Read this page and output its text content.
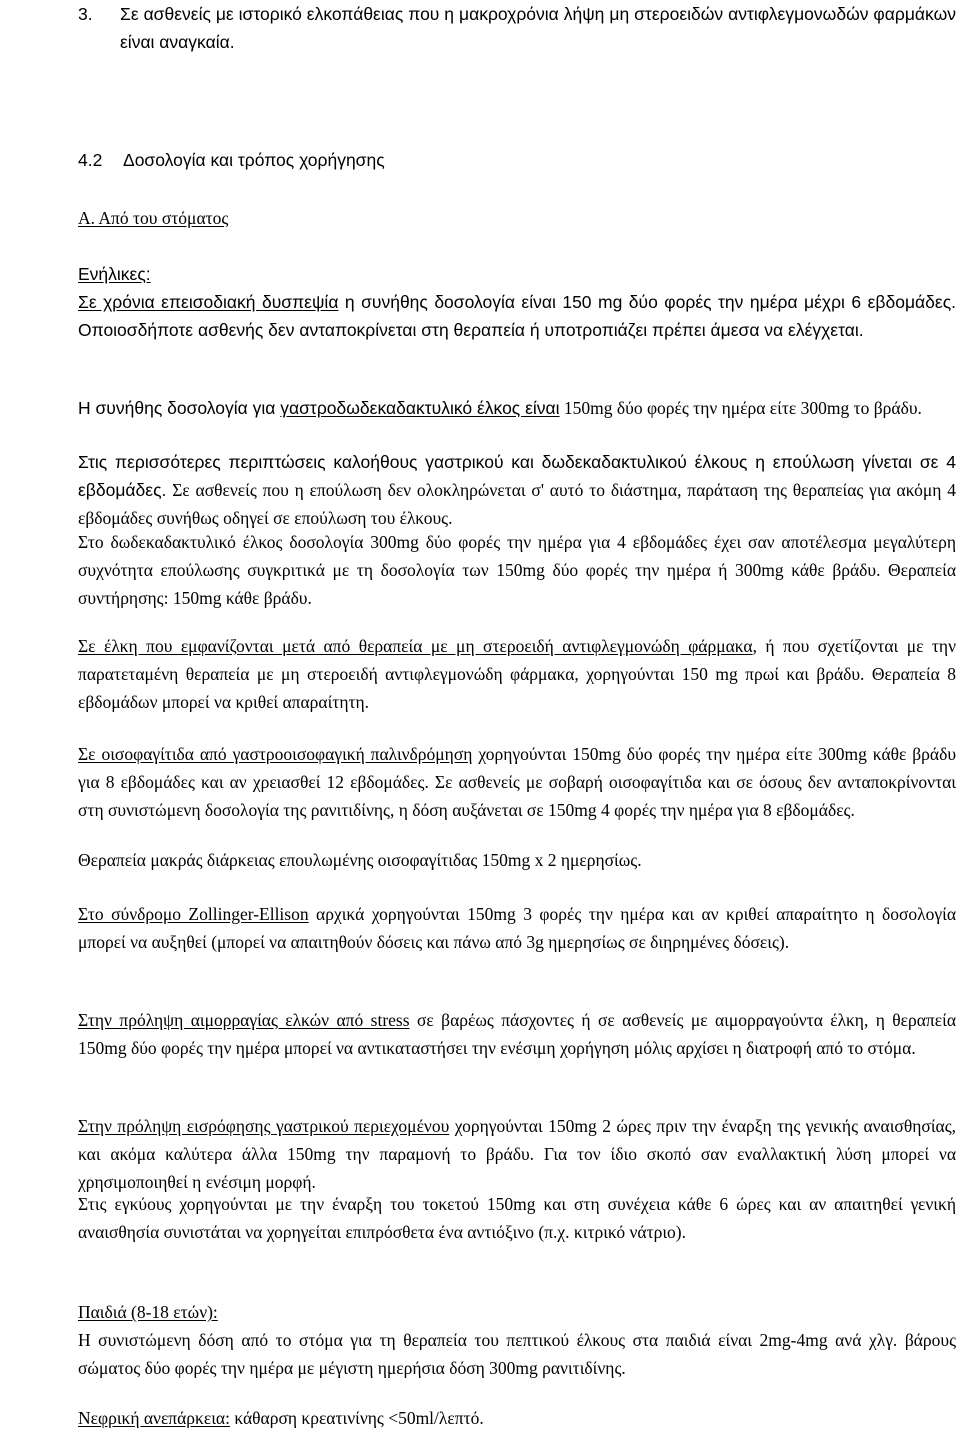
3. Σε ασθενείς με ιστορικό ελκοπάθειας που η μακροχρόνια λήψη μη στεροειδών αντιφλεγμονωδών φαρμάκων είναι αναγκαία.

4.2 Δοσολογία και τρόπος χορήγησης

Α. Από του στόματος

Ενήλικες:

Σε χρόνια επεισοδιακή δυσπεψία η συνήθης δοσολογία είναι 150 mg δύο φορές την ημέρα μέχρι 6 εβδομάδες. Οποιοσδήποτε ασθενής δεν ανταποκρίνεται στη θεραπεία ή υποτροπιάζει πρέπει άμεσα να ελέγχεται.

Η συνήθης δοσολογία για γαστροδωδεκαδακτυλικό έλκος είναι 150mg δύο φορές την ημέρα είτε 300mg το βράδυ.

Στις περισσότερες περιπτώσεις καλοήθους γαστρικού και δωδεκαδακτυλικού έλκους η επούλωση γίνεται σε 4 εβδομάδες. Σε ασθενείς που η επούλωση δεν ολοκληρώνεται σ' αυτό το διάστημα, παράταση της θεραπείας για ακόμη 4 εβδομάδες συνήθως οδηγεί σε επούλωση του έλκους.

Στο δωδεκαδακτυλικό έλκος δοσολογία 300mg δύο φορές την ημέρα για 4 εβδομάδες έχει σαν αποτέλεσμα μεγαλύτερη συχνότητα επούλωσης συγκριτικά με τη δοσολογία των 150mg δύο φορές την ημέρα ή 300mg κάθε βράδυ. Θεραπεία συντήρησης: 150mg κάθε βράδυ.

Σε έλκη που εμφανίζονται μετά από θεραπεία με μη στεροειδή αντιφλεγμονώδη φάρμακα, ή που σχετίζονται με την παρατεταμένη θεραπεία με μη στεροειδή αντιφλεγμονώδη φάρμακα, χορηγούνται 150 mg πρωί και βράδυ. Θεραπεία 8 εβδομάδων μπορεί να κριθεί απαραίτητη.

Σε οισοφαγίτιδα από γαστροοισοφαγική παλινδρόμηση χορηγούνται 150mg δύο φορές την ημέρα είτε 300mg κάθε βράδυ για 8 εβδομάδες και αν χρειασθεί 12 εβδομάδες. Σε ασθενείς με σοβαρή οισοφαγίτιδα και σε όσους δεν ανταποκρίνονται στη συνιστώμενη δοσολογία της ρανιτιδίνης, η δόση αυξάνεται σε 150mg 4 φορές την ημέρα για 8 εβδομάδες.

Θεραπεία μακράς διάρκειας επουλωμένης οισοφαγίτιδας 150mg x 2 ημερησίως.

Στο σύνδρομο Zollinger-Ellison αρχικά χορηγούνται 150mg 3 φορές την ημέρα και αν κριθεί απαραίτητο η δοσολογία μπορεί να αυξηθεί (μπορεί να απαιτηθούν δόσεις και πάνω από 3g ημερησίως σε διηρημένες δόσεις).

Στην πρόληψη αιμορραγίας ελκών από stress σε βαρέως πάσχοντες ή σε ασθενείς με αιμορραγούντα έλκη, η θεραπεία 150mg δύο φορές την ημέρα μπορεί να αντικαταστήσει την ενέσιμη χορήγηση μόλις αρχίσει η διατροφή από το στόμα.

Στην πρόληψη εισρόφησης γαστρικού περιεχομένου χορηγούνται 150mg 2 ώρες πριν την έναρξη της γενικής αναισθησίας, και ακόμα καλύτερα άλλα 150mg την παραμονή το βράδυ. Για τον ίδιο σκοπό σαν εναλλακτική λύση μπορεί να χρησιμοποιηθεί η ενέσιμη μορφή.

Στις εγκύους χορηγούνται με την έναρξη του τοκετού 150mg και στη συνέχεια κάθε 6 ώρες και αν απαιτηθεί γενική αναισθησία συνιστάται να χορηγείται επιπρόσθετα ένα αντιόξινο (π.χ. κιτρικό νάτριο).

Παιδιά (8-18 ετών):

Η συνιστώμενη δόση από το στόμα για τη θεραπεία του πεπτικού έλκους στα παιδιά είναι 2mg-4mg ανά χλγ. βάρους σώματος δύο φορές την ημέρα με μέγιστη ημερήσια δόση 300mg ρανιτιδίνης.

Νεφρική ανεπάρκεια: κάθαρση κρεατινίνης <50ml/λεπτό.
